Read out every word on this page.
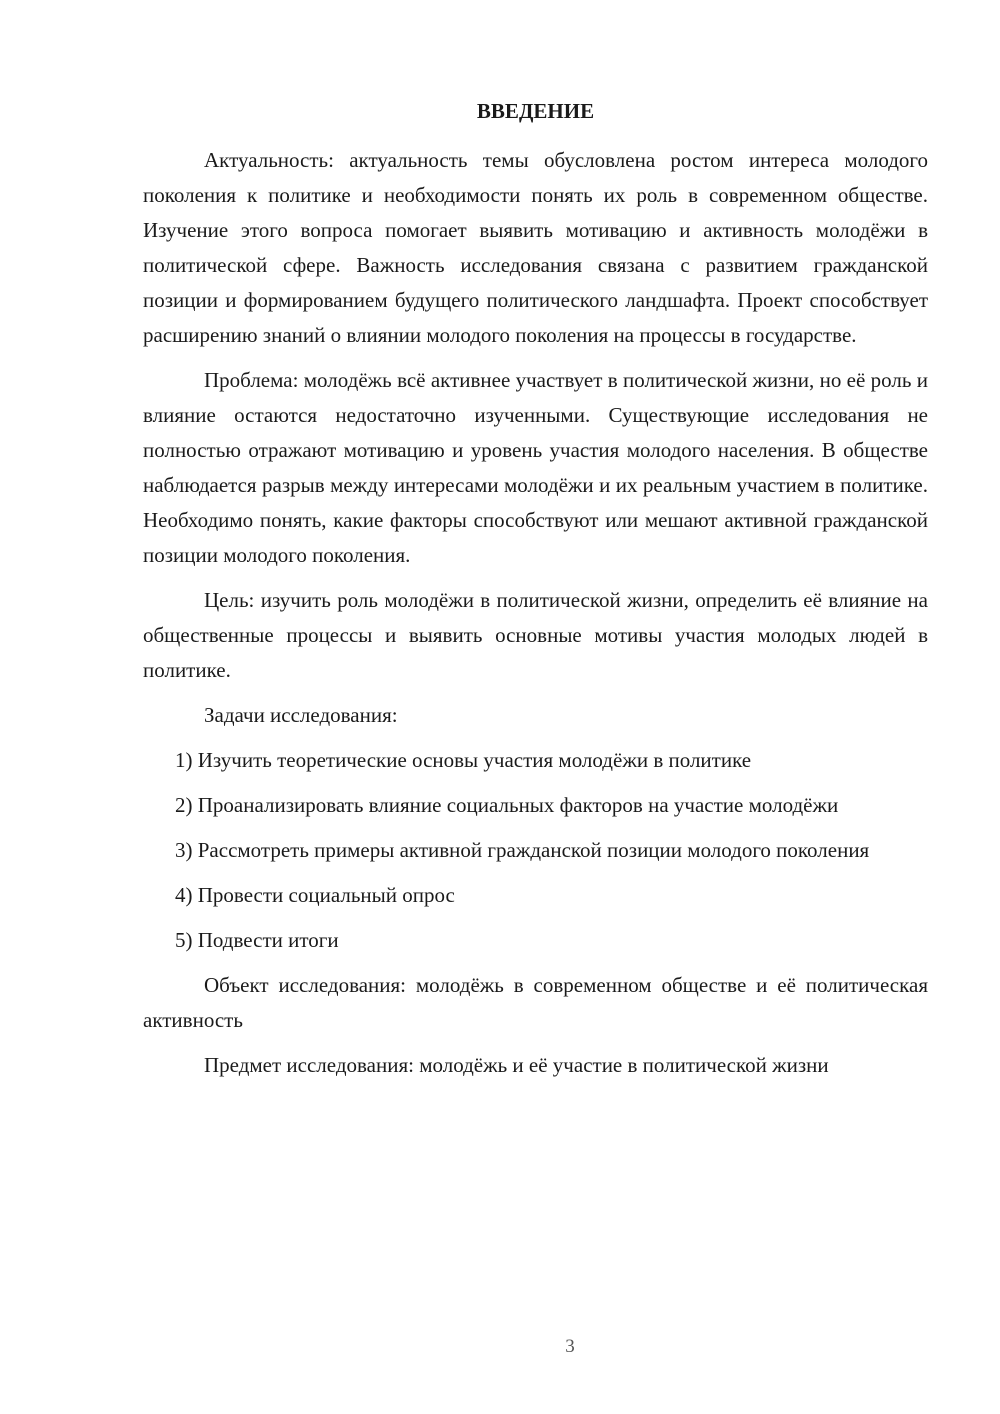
ВВЕДЕНИЕ

Актуальность: актуальность темы обусловлена ростом интереса молодого поколения к политике и необходимости понять их роль в современном обществе. Изучение этого вопроса помогает выявить мотивацию и активность молодёжи в политической сфере. Важность исследования связана с развитием гражданской позиции и формированием будущего политического ландшафта. Проект способствует расширению знаний о влиянии молодого поколения на процессы в государстве.

Проблема: молодёжь всё активнее участвует в политической жизни, но её роль и влияние остаются недостаточно изученными. Существующие исследования не полностью отражают мотивацию и уровень участия молодого населения. В обществе наблюдается разрыв между интересами молодёжи и их реальным участием в политике. Необходимо понять, какие факторы способствуют или мешают активной гражданской позиции молодого поколения.

Цель: изучить роль молодёжи в политической жизни, определить её влияние на общественные процессы и выявить основные мотивы участия молодых людей в политике.

Задачи исследования:

1) Изучить теоретические основы участия молодёжи в политике

2) Проанализировать влияние социальных факторов на участие молодёжи

3) Рассмотреть примеры активной гражданской позиции молодого поколения

4) Провести социальный опрос

5) Подвести итоги

Объект исследования: молодёжь в современном обществе и её политическая активность

Предмет исследования: молодёжь и её участие в политической жизни

3
